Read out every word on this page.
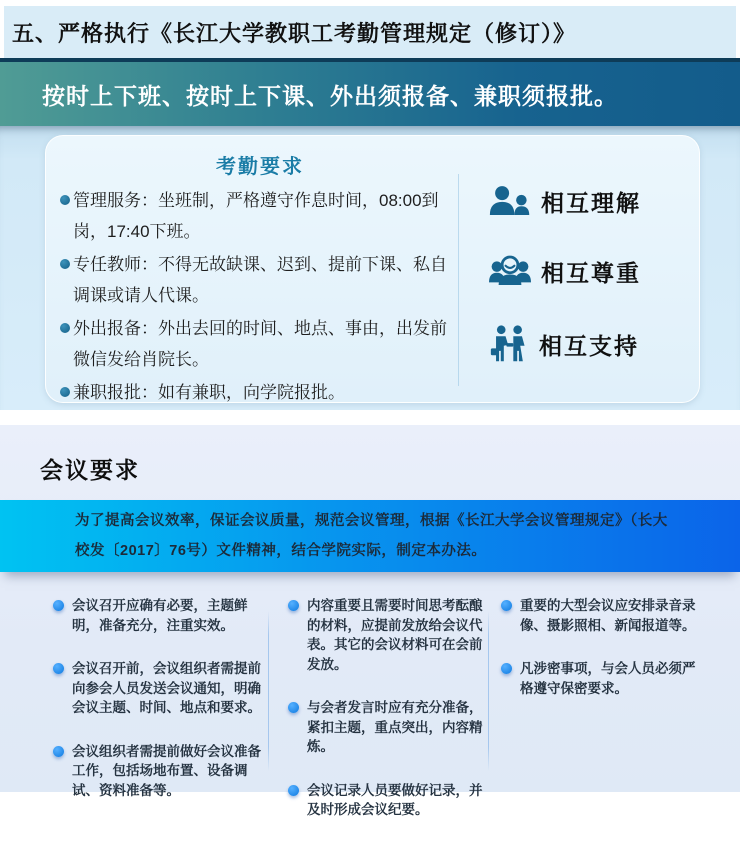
五、严格执行《长江大学教职工考勤管理规定（修订）》
按时上下班、按时上下课、外出须报备、兼职须报批。
考勤要求
管理服务：坐班制，严格遵守作息时间，08:00到岗，17:40下班。
专任教师：不得无故缺课、迟到、提前下课、私自调课或请人代课。
外出报备：外出去回的时间、地点、事由，出发前微信发给肖院长。
兼职报批：如有兼职，向学院报批。
相互理解
相互尊重
相互支持
会议要求
为了提高会议效率，保证会议质量，规范会议管理，根据《长江大学会议管理规定》（长大校发〔2017〕76号）文件精神，结合学院实际，制定本办法。
会议召开应确有必要，主题鲜明，准备充分，注重实效。
会议召开前，会议组织者需提前向参会人员发送会议通知，明确会议主题、时间、地点和要求。
会议组织者需提前做好会议准备工作，包括场地布置、设备调试、资料准备等。
内容重要且需要时间思考酝酿的材料，应提前发放给会议代表。其它的会议材料可在会前发放。
与会者发言时应有充分准备，紧扣主题，重点突出，内容精炼。
会议记录人员要做好记录，并及时形成会议纪要。
重要的大型会议应安排录音录像、摄影照相、新闻报道等。
凡涉密事项，与会人员必须严格遵守保密要求。
